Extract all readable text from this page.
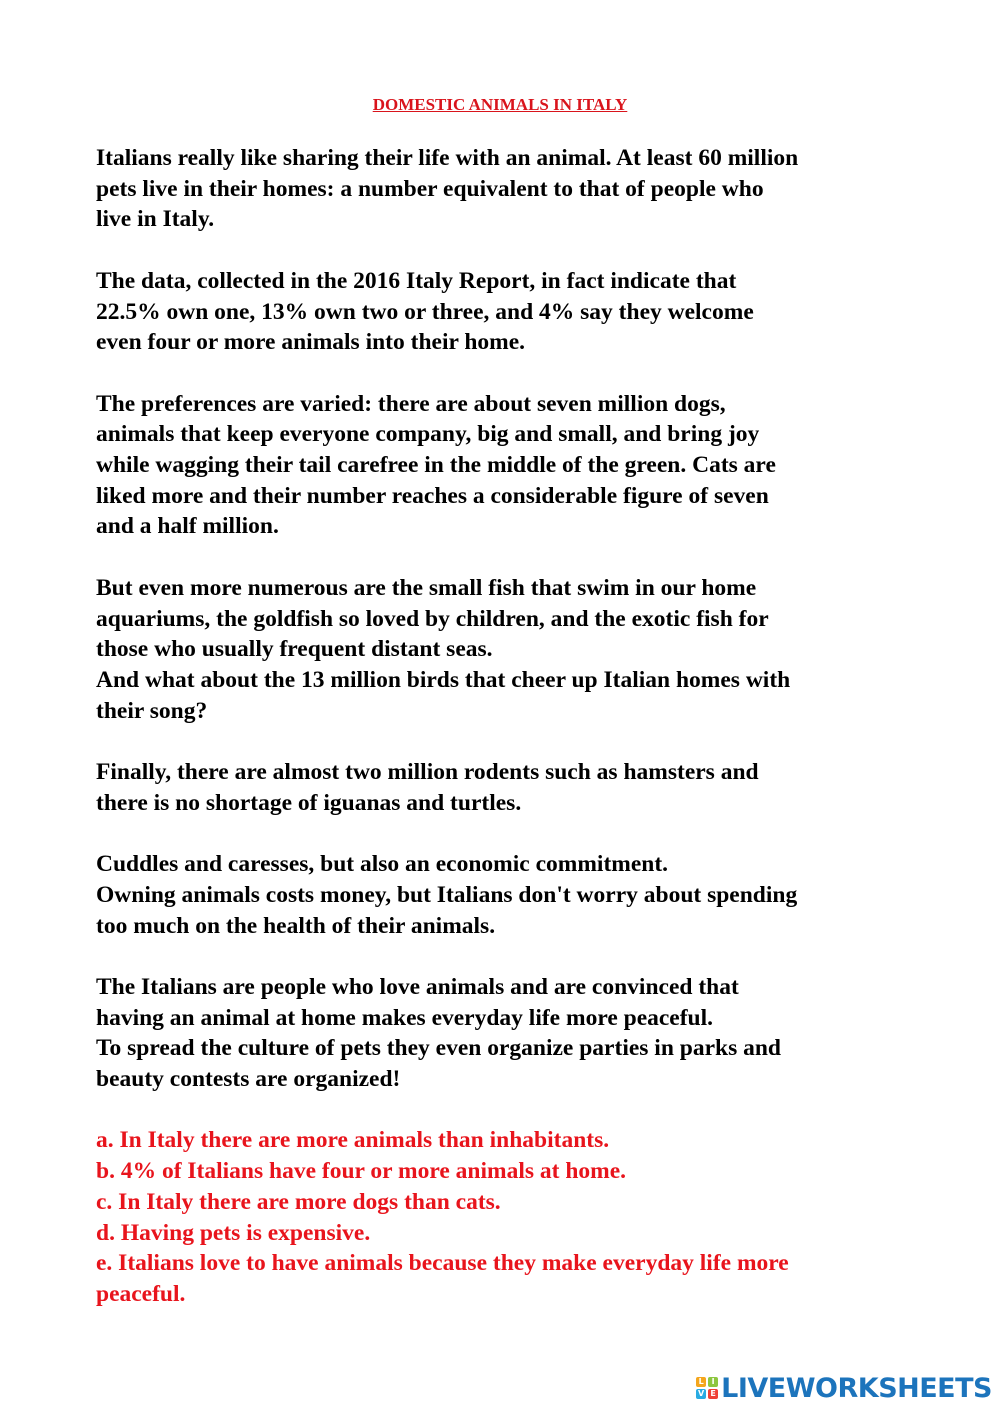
DOMESTIC ANIMALS IN ITALY

Italians really like sharing their life with an animal. At least 60 million
pets live in their homes: a number equivalent to that of people who
live in Italy.

The data, collected in the 2016 Italy Report, in fact indicate that
22.5% own one, 13% own two or three, and 4% say they welcome
even four or more animals into their home.

The preferences are varied: there are about seven million dogs,
animals that keep everyone company, big and small, and bring joy
while wagging their tail carefree in the middle of the green. Cats are
liked more and their number reaches a considerable figure of seven
and a half million.

But even more numerous are the small fish that swim in our home
aquariums, the goldfish so loved by children, and the exotic fish for
those who usually frequent distant seas.
And what about the 13 million birds that cheer up Italian homes with
their song?

Finally, there are almost two million rodents such as hamsters and
there is no shortage of iguanas and turtles.

Cuddles and caresses, but also an economic commitment.
Owning animals costs money, but Italians don't worry about spending
too much on the health of their animals.

The Italians are people who love animals and are convinced that
having an animal at home makes everyday life more peaceful.
To spread the culture of pets they even organize parties in parks and
beauty contests are organized!

a. In Italy there are more animals than inhabitants.
b. 4% of Italians have four or more animals at home.
c. In Italy there are more dogs than cats.
d. Having pets is expensive.
e. Italians love to have animals because they make everyday life more
peaceful.

L I
V E LIVEWORKSHEETS
